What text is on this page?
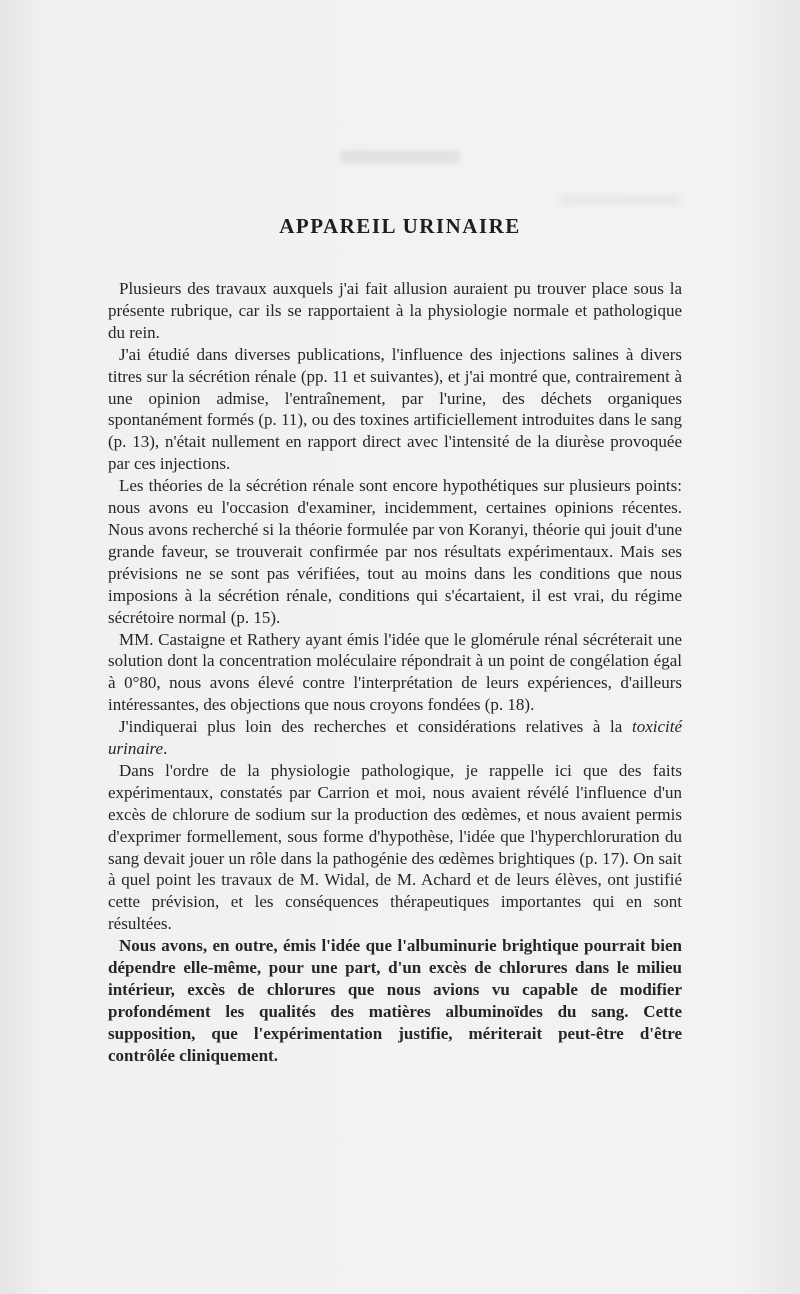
APPAREIL URINAIRE

Plusieurs des travaux auxquels j'ai fait allusion auraient pu trouver place sous la présente rubrique, car ils se rapportaient à la physiologie normale et pathologique du rein.

J'ai étudié dans diverses publications, l'influence des injections salines à divers titres sur la sécrétion rénale (pp. 11 et suivantes), et j'ai montré que, contrairement à une opinion admise, l'entraînement, par l'urine, des déchets organiques spontanément formés (p. 11), ou des toxines artificiellement introduites dans le sang (p. 13), n'était nullement en rapport direct avec l'intensité de la diurèse provoquée par ces injections.

Les théories de la sécrétion rénale sont encore hypothétiques sur plusieurs points: nous avons eu l'occasion d'examiner, incidemment, certaines opinions récentes. Nous avons recherché si la théorie formulée par von Koranyi, théorie qui jouit d'une grande faveur, se trouverait confirmée par nos résultats expérimentaux. Mais ses prévisions ne se sont pas vérifiées, tout au moins dans les conditions que nous imposions à la sécrétion rénale, conditions qui s'écartaient, il est vrai, du régime sécrétoire normal (p. 15).

MM. Castaigne et Rathery ayant émis l'idée que le glomérule rénal sécréterait une solution dont la concentration moléculaire répondrait à un point de congélation égal à 0°80, nous avons élevé contre l'interprétation de leurs expériences, d'ailleurs intéressantes, des objections que nous croyons fondées (p. 18).

J'indiquerai plus loin des recherches et considérations relatives à la toxicité urinaire.

Dans l'ordre de la physiologie pathologique, je rappelle ici que des faits expérimentaux, constatés par Carrion et moi, nous avaient révélé l'influence d'un excès de chlorure de sodium sur la production des œdèmes, et nous avaient permis d'exprimer formellement, sous forme d'hypothèse, l'idée que l'hyperchloruration du sang devait jouer un rôle dans la pathogénie des œdèmes brightiques (p. 17). On sait à quel point les travaux de M. Widal, de M. Achard et de leurs élèves, ont justifié cette prévision, et les conséquences thérapeutiques importantes qui en sont résultées.

Nous avons, en outre, émis l'idée que l'albuminurie brightique pourrait bien dépendre elle-même, pour une part, d'un excès de chlorures dans le milieu intérieur, excès de chlorures que nous avions vu capable de modifier profondément les qualités des matières albuminoïdes du sang. Cette supposition, que l'expérimentation justifie, mériterait peut-être d'être contrôlée cliniquement.
